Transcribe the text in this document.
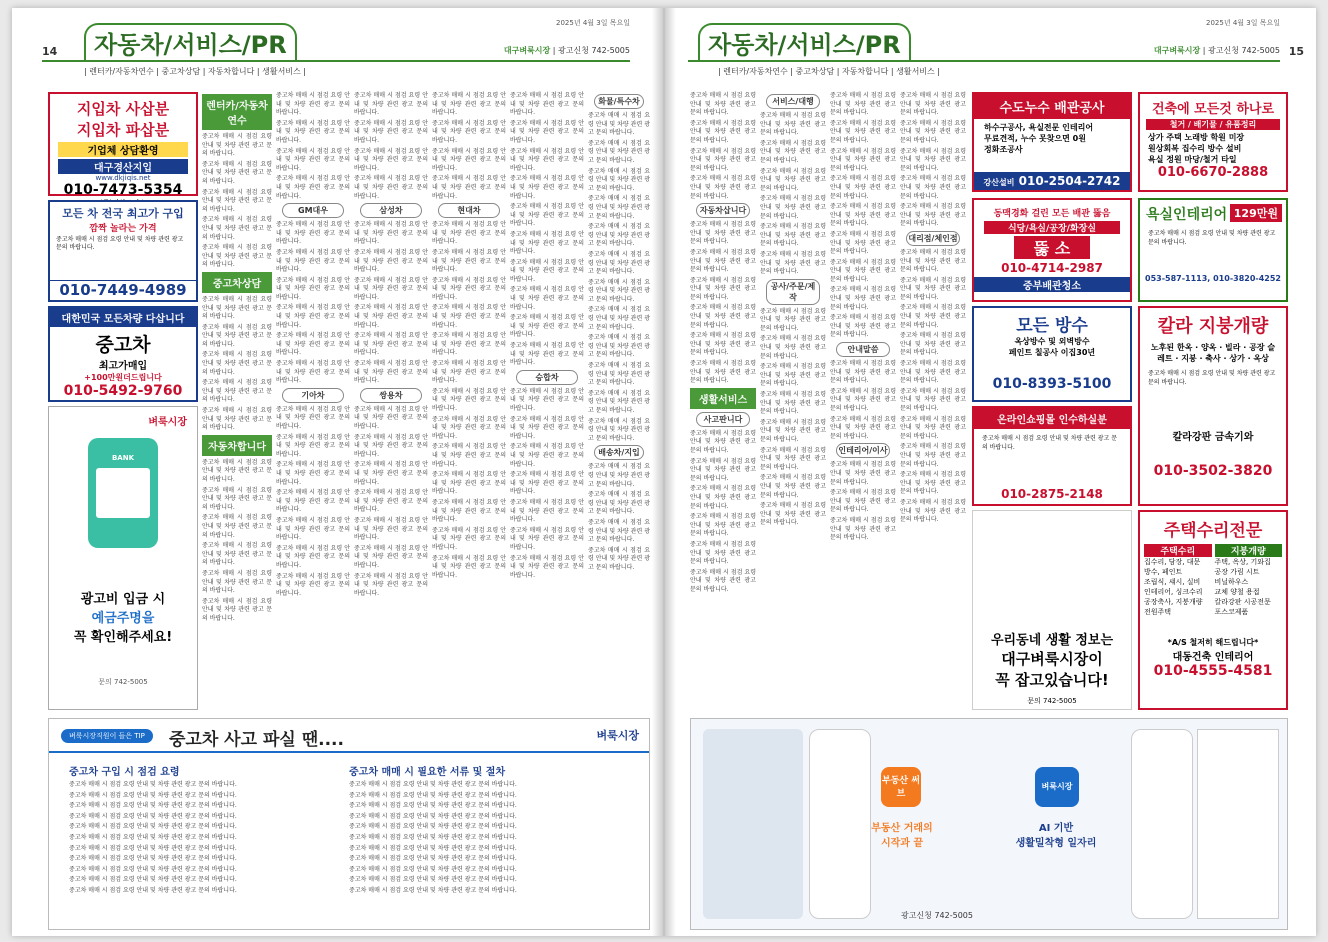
14	자동차/서비스/PR
2025년 4월 3일 목요일
대구벼룩시장 | 광고신청 742-5005
| 렌터카/자동차연수 | 중고차상담 | 자동차합니다 | 생활서비스 |
지입차 사삽분
지입차 파삽분
기업체 상담환영
대구경산지입
www.dkjiqis.net
010-7473-5354
모든 차 전국 최고가 구입
깜짝 놀라는 가격
중고차 매매 시 점검 요령 안내 및 차량 관련 광고 문의 바랍니다.
010-7449-4989
대한민국 모든차량 다삽니다
중고차
최고가매입
+100만원더드립니다
010-5492-9760
벼룩시장
BANK
광고비 입금 시
예금주명을
꼭 확인해주세요!
문의 742-5005
렌터카/자동차연수

중고차 매매 시 점검 요령 안내 및 차량 관련 광고 문의 바랍니다.

중고차 매매 시 점검 요령 안내 및 차량 관련 광고 문의 바랍니다.

중고차 매매 시 점검 요령 안내 및 차량 관련 광고 문의 바랍니다.

중고차 매매 시 점검 요령 안내 및 차량 관련 광고 문의 바랍니다.

중고차 매매 시 점검 요령 안내 및 차량 관련 광고 문의 바랍니다.

중고차상담

중고차 매매 시 점검 요령 안내 및 차량 관련 광고 문의 바랍니다.

중고차 매매 시 점검 요령 안내 및 차량 관련 광고 문의 바랍니다.

중고차 매매 시 점검 요령 안내 및 차량 관련 광고 문의 바랍니다.

중고차 매매 시 점검 요령 안내 및 차량 관련 광고 문의 바랍니다.

중고차 매매 시 점검 요령 안내 및 차량 관련 광고 문의 바랍니다.

자동차합니다

중고차 매매 시 점검 요령 안내 및 차량 관련 광고 문의 바랍니다.

중고차 매매 시 점검 요령 안내 및 차량 관련 광고 문의 바랍니다.

중고차 매매 시 점검 요령 안내 및 차량 관련 광고 문의 바랍니다.

중고차 매매 시 점검 요령 안내 및 차량 관련 광고 문의 바랍니다.

중고차 매매 시 점검 요령 안내 및 차량 관련 광고 문의 바랍니다.

중고차 매매 시 점검 요령 안내 및 차량 관련 광고 문의 바랍니다.

중고차 매매 시 점검 요령 안내 및 차량 관련 광고 문의 바랍니다.

중고차 매매 시 점검 요령 안내 및 차량 관련 광고 문의 바랍니다.

중고차 매매 시 점검 요령 안내 및 차량 관련 광고 문의 바랍니다.

중고차 매매 시 점검 요령 안내 및 차량 관련 광고 문의 바랍니다.

GM대우

중고차 매매 시 점검 요령 안내 및 차량 관련 광고 문의 바랍니다.

중고차 매매 시 점검 요령 안내 및 차량 관련 광고 문의 바랍니다.

중고차 매매 시 점검 요령 안내 및 차량 관련 광고 문의 바랍니다.

중고차 매매 시 점검 요령 안내 및 차량 관련 광고 문의 바랍니다.

중고차 매매 시 점검 요령 안내 및 차량 관련 광고 문의 바랍니다.

중고차 매매 시 점검 요령 안내 및 차량 관련 광고 문의 바랍니다.

기아차

중고차 매매 시 점검 요령 안내 및 차량 관련 광고 문의 바랍니다.

중고차 매매 시 점검 요령 안내 및 차량 관련 광고 문의 바랍니다.

중고차 매매 시 점검 요령 안내 및 차량 관련 광고 문의 바랍니다.

중고차 매매 시 점검 요령 안내 및 차량 관련 광고 문의 바랍니다.

중고차 매매 시 점검 요령 안내 및 차량 관련 광고 문의 바랍니다.

중고차 매매 시 점검 요령 안내 및 차량 관련 광고 문의 바랍니다.

중고차 매매 시 점검 요령 안내 및 차량 관련 광고 문의 바랍니다.

중고차 매매 시 점검 요령 안내 및 차량 관련 광고 문의 바랍니다.

중고차 매매 시 점검 요령 안내 및 차량 관련 광고 문의 바랍니다.

중고차 매매 시 점검 요령 안내 및 차량 관련 광고 문의 바랍니다.

중고차 매매 시 점검 요령 안내 및 차량 관련 광고 문의 바랍니다.

삼성차

중고차 매매 시 점검 요령 안내 및 차량 관련 광고 문의 바랍니다.

중고차 매매 시 점검 요령 안내 및 차량 관련 광고 문의 바랍니다.

중고차 매매 시 점검 요령 안내 및 차량 관련 광고 문의 바랍니다.

중고차 매매 시 점검 요령 안내 및 차량 관련 광고 문의 바랍니다.

중고차 매매 시 점검 요령 안내 및 차량 관련 광고 문의 바랍니다.

중고차 매매 시 점검 요령 안내 및 차량 관련 광고 문의 바랍니다.

쌍용차

중고차 매매 시 점검 요령 안내 및 차량 관련 광고 문의 바랍니다.

중고차 매매 시 점검 요령 안내 및 차량 관련 광고 문의 바랍니다.

중고차 매매 시 점검 요령 안내 및 차량 관련 광고 문의 바랍니다.

중고차 매매 시 점검 요령 안내 및 차량 관련 광고 문의 바랍니다.

중고차 매매 시 점검 요령 안내 및 차량 관련 광고 문의 바랍니다.

중고차 매매 시 점검 요령 안내 및 차량 관련 광고 문의 바랍니다.

중고차 매매 시 점검 요령 안내 및 차량 관련 광고 문의 바랍니다.

중고차 매매 시 점검 요령 안내 및 차량 관련 광고 문의 바랍니다.

중고차 매매 시 점검 요령 안내 및 차량 관련 광고 문의 바랍니다.

중고차 매매 시 점검 요령 안내 및 차량 관련 광고 문의 바랍니다.

중고차 매매 시 점검 요령 안내 및 차량 관련 광고 문의 바랍니다.

현대차

중고차 매매 시 점검 요령 안내 및 차량 관련 광고 문의 바랍니다.

중고차 매매 시 점검 요령 안내 및 차량 관련 광고 문의 바랍니다.

중고차 매매 시 점검 요령 안내 및 차량 관련 광고 문의 바랍니다.

중고차 매매 시 점검 요령 안내 및 차량 관련 광고 문의 바랍니다.

중고차 매매 시 점검 요령 안내 및 차량 관련 광고 문의 바랍니다.

중고차 매매 시 점검 요령 안내 및 차량 관련 광고 문의 바랍니다.

중고차 매매 시 점검 요령 안내 및 차량 관련 광고 문의 바랍니다.

중고차 매매 시 점검 요령 안내 및 차량 관련 광고 문의 바랍니다.

중고차 매매 시 점검 요령 안내 및 차량 관련 광고 문의 바랍니다.

중고차 매매 시 점검 요령 안내 및 차량 관련 광고 문의 바랍니다.

중고차 매매 시 점검 요령 안내 및 차량 관련 광고 문의 바랍니다.

중고차 매매 시 점검 요령 안내 및 차량 관련 광고 문의 바랍니다.

중고차 매매 시 점검 요령 안내 및 차량 관련 광고 문의 바랍니다.

중고차 매매 시 점검 요령 안내 및 차량 관련 광고 문의 바랍니다.

중고차 매매 시 점검 요령 안내 및 차량 관련 광고 문의 바랍니다.

중고차 매매 시 점검 요령 안내 및 차량 관련 광고 문의 바랍니다.

중고차 매매 시 점검 요령 안내 및 차량 관련 광고 문의 바랍니다.

중고차 매매 시 점검 요령 안내 및 차량 관련 광고 문의 바랍니다.

중고차 매매 시 점검 요령 안내 및 차량 관련 광고 문의 바랍니다.

중고차 매매 시 점검 요령 안내 및 차량 관련 광고 문의 바랍니다.

중고차 매매 시 점검 요령 안내 및 차량 관련 광고 문의 바랍니다.

중고차 매매 시 점검 요령 안내 및 차량 관련 광고 문의 바랍니다.

중고차 매매 시 점검 요령 안내 및 차량 관련 광고 문의 바랍니다.

승합차

중고차 매매 시 점검 요령 안내 및 차량 관련 광고 문의 바랍니다.

중고차 매매 시 점검 요령 안내 및 차량 관련 광고 문의 바랍니다.

중고차 매매 시 점검 요령 안내 및 차량 관련 광고 문의 바랍니다.

중고차 매매 시 점검 요령 안내 및 차량 관련 광고 문의 바랍니다.

중고차 매매 시 점검 요령 안내 및 차량 관련 광고 문의 바랍니다.

중고차 매매 시 점검 요령 안내 및 차량 관련 광고 문의 바랍니다.

중고차 매매 시 점검 요령 안내 및 차량 관련 광고 문의 바랍니다.

화물/특수차

중고차 매매 시 점검 요령 안내 및 차량 관련 광고 문의 바랍니다.

중고차 매매 시 점검 요령 안내 및 차량 관련 광고 문의 바랍니다.

중고차 매매 시 점검 요령 안내 및 차량 관련 광고 문의 바랍니다.

중고차 매매 시 점검 요령 안내 및 차량 관련 광고 문의 바랍니다.

중고차 매매 시 점검 요령 안내 및 차량 관련 광고 문의 바랍니다.

중고차 매매 시 점검 요령 안내 및 차량 관련 광고 문의 바랍니다.

중고차 매매 시 점검 요령 안내 및 차량 관련 광고 문의 바랍니다.

중고차 매매 시 점검 요령 안내 및 차량 관련 광고 문의 바랍니다.

중고차 매매 시 점검 요령 안내 및 차량 관련 광고 문의 바랍니다.

중고차 매매 시 점검 요령 안내 및 차량 관련 광고 문의 바랍니다.

중고차 매매 시 점검 요령 안내 및 차량 관련 광고 문의 바랍니다.

중고차 매매 시 점검 요령 안내 및 차량 관련 광고 문의 바랍니다.

배송차/지입

중고차 매매 시 점검 요령 안내 및 차량 관련 광고 문의 바랍니다.

중고차 매매 시 점검 요령 안내 및 차량 관련 광고 문의 바랍니다.

중고차 매매 시 점검 요령 안내 및 차량 관련 광고 문의 바랍니다.

중고차 매매 시 점검 요령 안내 및 차량 관련 광고 문의 바랍니다.

벼룩시장직원이 들은 TIP	중고차 사고 파실 땐....	벼룩시장
중고차 구입 시 점검 요령	중고차 매매 시 필요한 서류 및 절차

중고차 매매 시 점검 요령 안내 및 차량 관련 광고 문의 바랍니다.

중고차 매매 시 점검 요령 안내 및 차량 관련 광고 문의 바랍니다.

중고차 매매 시 점검 요령 안내 및 차량 관련 광고 문의 바랍니다.

중고차 매매 시 점검 요령 안내 및 차량 관련 광고 문의 바랍니다.

중고차 매매 시 점검 요령 안내 및 차량 관련 광고 문의 바랍니다.

중고차 매매 시 점검 요령 안내 및 차량 관련 광고 문의 바랍니다.

중고차 매매 시 점검 요령 안내 및 차량 관련 광고 문의 바랍니다.

중고차 매매 시 점검 요령 안내 및 차량 관련 광고 문의 바랍니다.

중고차 매매 시 점검 요령 안내 및 차량 관련 광고 문의 바랍니다.

중고차 매매 시 점검 요령 안내 및 차량 관련 광고 문의 바랍니다.

중고차 매매 시 점검 요령 안내 및 차량 관련 광고 문의 바랍니다.

중고차 매매 시 점검 요령 안내 및 차량 관련 광고 문의 바랍니다.

중고차 매매 시 점검 요령 안내 및 차량 관련 광고 문의 바랍니다.

중고차 매매 시 점검 요령 안내 및 차량 관련 광고 문의 바랍니다.

중고차 매매 시 점검 요령 안내 및 차량 관련 광고 문의 바랍니다.

중고차 매매 시 점검 요령 안내 및 차량 관련 광고 문의 바랍니다.

중고차 매매 시 점검 요령 안내 및 차량 관련 광고 문의 바랍니다.

중고차 매매 시 점검 요령 안내 및 차량 관련 광고 문의 바랍니다.

중고차 매매 시 점검 요령 안내 및 차량 관련 광고 문의 바랍니다.

중고차 매매 시 점검 요령 안내 및 차량 관련 광고 문의 바랍니다.

중고차 매매 시 점검 요령 안내 및 차량 관련 광고 문의 바랍니다.

중고차 매매 시 점검 요령 안내 및 차량 관련 광고 문의 바랍니다.

15
자동차/서비스/PR
2025년 4월 3일 목요일
대구벼룩시장 | 광고신청 742-5005
| 렌터카/자동차연수 | 중고차상담 | 자동차합니다 | 생활서비스 |

중고차 매매 시 점검 요령 안내 및 차량 관련 광고 문의 바랍니다.

중고차 매매 시 점검 요령 안내 및 차량 관련 광고 문의 바랍니다.

중고차 매매 시 점검 요령 안내 및 차량 관련 광고 문의 바랍니다.

중고차 매매 시 점검 요령 안내 및 차량 관련 광고 문의 바랍니다.

자동차삽니다

중고차 매매 시 점검 요령 안내 및 차량 관련 광고 문의 바랍니다.

중고차 매매 시 점검 요령 안내 및 차량 관련 광고 문의 바랍니다.

중고차 매매 시 점검 요령 안내 및 차량 관련 광고 문의 바랍니다.

중고차 매매 시 점검 요령 안내 및 차량 관련 광고 문의 바랍니다.

중고차 매매 시 점검 요령 안내 및 차량 관련 광고 문의 바랍니다.

중고차 매매 시 점검 요령 안내 및 차량 관련 광고 문의 바랍니다.

생활서비스
사고판니다

중고차 매매 시 점검 요령 안내 및 차량 관련 광고 문의 바랍니다.

중고차 매매 시 점검 요령 안내 및 차량 관련 광고 문의 바랍니다.

중고차 매매 시 점검 요령 안내 및 차량 관련 광고 문의 바랍니다.

중고차 매매 시 점검 요령 안내 및 차량 관련 광고 문의 바랍니다.

중고차 매매 시 점검 요령 안내 및 차량 관련 광고 문의 바랍니다.

중고차 매매 시 점검 요령 안내 및 차량 관련 광고 문의 바랍니다.

서비스/대행

중고차 매매 시 점검 요령 안내 및 차량 관련 광고 문의 바랍니다.

중고차 매매 시 점검 요령 안내 및 차량 관련 광고 문의 바랍니다.

중고차 매매 시 점검 요령 안내 및 차량 관련 광고 문의 바랍니다.

중고차 매매 시 점검 요령 안내 및 차량 관련 광고 문의 바랍니다.

중고차 매매 시 점검 요령 안내 및 차량 관련 광고 문의 바랍니다.

중고차 매매 시 점검 요령 안내 및 차량 관련 광고 문의 바랍니다.

공사/주문/제작

중고차 매매 시 점검 요령 안내 및 차량 관련 광고 문의 바랍니다.

중고차 매매 시 점검 요령 안내 및 차량 관련 광고 문의 바랍니다.

중고차 매매 시 점검 요령 안내 및 차량 관련 광고 문의 바랍니다.

중고차 매매 시 점검 요령 안내 및 차량 관련 광고 문의 바랍니다.

중고차 매매 시 점검 요령 안내 및 차량 관련 광고 문의 바랍니다.

중고차 매매 시 점검 요령 안내 및 차량 관련 광고 문의 바랍니다.

중고차 매매 시 점검 요령 안내 및 차량 관련 광고 문의 바랍니다.

중고차 매매 시 점검 요령 안내 및 차량 관련 광고 문의 바랍니다.

중고차 매매 시 점검 요령 안내 및 차량 관련 광고 문의 바랍니다.

중고차 매매 시 점검 요령 안내 및 차량 관련 광고 문의 바랍니다.

중고차 매매 시 점검 요령 안내 및 차량 관련 광고 문의 바랍니다.

중고차 매매 시 점검 요령 안내 및 차량 관련 광고 문의 바랍니다.

중고차 매매 시 점검 요령 안내 및 차량 관련 광고 문의 바랍니다.

중고차 매매 시 점검 요령 안내 및 차량 관련 광고 문의 바랍니다.

중고차 매매 시 점검 요령 안내 및 차량 관련 광고 문의 바랍니다.

중고차 매매 시 점검 요령 안내 및 차량 관련 광고 문의 바랍니다.

중고차 매매 시 점검 요령 안내 및 차량 관련 광고 문의 바랍니다.

안내말씀

중고차 매매 시 점검 요령 안내 및 차량 관련 광고 문의 바랍니다.

중고차 매매 시 점검 요령 안내 및 차량 관련 광고 문의 바랍니다.

중고차 매매 시 점검 요령 안내 및 차량 관련 광고 문의 바랍니다.

인테리어/이사

중고차 매매 시 점검 요령 안내 및 차량 관련 광고 문의 바랍니다.

중고차 매매 시 점검 요령 안내 및 차량 관련 광고 문의 바랍니다.

중고차 매매 시 점검 요령 안내 및 차량 관련 광고 문의 바랍니다.

중고차 매매 시 점검 요령 안내 및 차량 관련 광고 문의 바랍니다.

중고차 매매 시 점검 요령 안내 및 차량 관련 광고 문의 바랍니다.

중고차 매매 시 점검 요령 안내 및 차량 관련 광고 문의 바랍니다.

중고차 매매 시 점검 요령 안내 및 차량 관련 광고 문의 바랍니다.

중고차 매매 시 점검 요령 안내 및 차량 관련 광고 문의 바랍니다.

대리점/체인점

중고차 매매 시 점검 요령 안내 및 차량 관련 광고 문의 바랍니다.

중고차 매매 시 점검 요령 안내 및 차량 관련 광고 문의 바랍니다.

중고차 매매 시 점검 요령 안내 및 차량 관련 광고 문의 바랍니다.

중고차 매매 시 점검 요령 안내 및 차량 관련 광고 문의 바랍니다.

중고차 매매 시 점검 요령 안내 및 차량 관련 광고 문의 바랍니다.

중고차 매매 시 점검 요령 안내 및 차량 관련 광고 문의 바랍니다.

중고차 매매 시 점검 요령 안내 및 차량 관련 광고 문의 바랍니다.

중고차 매매 시 점검 요령 안내 및 차량 관련 광고 문의 바랍니다.

중고차 매매 시 점검 요령 안내 및 차량 관련 광고 문의 바랍니다.

중고차 매매 시 점검 요령 안내 및 차량 관련 광고 문의 바랍니다.

수도누수 배관공사
하수구공사, 욕실전문 인테리어
무료견적, 누수 못찾으면 0원
정화조공사
강산설비 010-2504-2742
건축에 모든것 하나로
철거 / 배기물 / 유품정리
상가 주택 노래방 학원 미장
원상회복 집수리 방수 설비
욕실 정원 마당/철거 타일
010-6670-2888
동맥경화 걸린 모든 배관 뚫음
식당/욕실/공장/화장실
뚫 소
010-4714-2987
중부배관청소
욕실인테리어 129만원
중고차 매매 시 점검 요령 안내 및 차량 관련 광고 문의 바랍니다.
053-587-1113, 010-3820-4252
모든 방수
옥상방수 및 외벽방수
페인트 칠공사 이집30년
010-8393-5100
칼라 지붕개량
노후된 한옥 · 양옥 · 빌라 · 공장 슬레트 · 지붕 · 축사 · 상가 · 옥상
중고차 매매 시 점검 요령 안내 및 차량 관련 광고 문의 바랍니다.
칼라강판 금속기와
010-3502-3820
온라인쇼핑몰 인수하실분
중고차 매매 시 점검 요령 안내 및 차량 관련 광고 문의 바랍니다.
010-2875-2148
우리동네 생활 정보는
대구벼룩시장이
꼭 잡고있습니다!
문의 742-5005
주택수리전문
주택수리
집수리, 담장, 대문
방수, 페인트
조립식, 섀시, 실비
인테리어, 싱크수리
공장축사, 지붕개량
전원주택
지붕개량
주택, 옥상, 기와집
공장 가림 시트
비닐하우스
교체 양철 용접
칼라강판 시공전문
포스코제품
*A/S 철저히 해드립니다*
대동건축 인테리어
010-4555-4581
부동산 써브
부동산 거래의
시작과 끝
벼룩시장
AI 기반
생활밀착형 일자리
광고신청 742-5005
